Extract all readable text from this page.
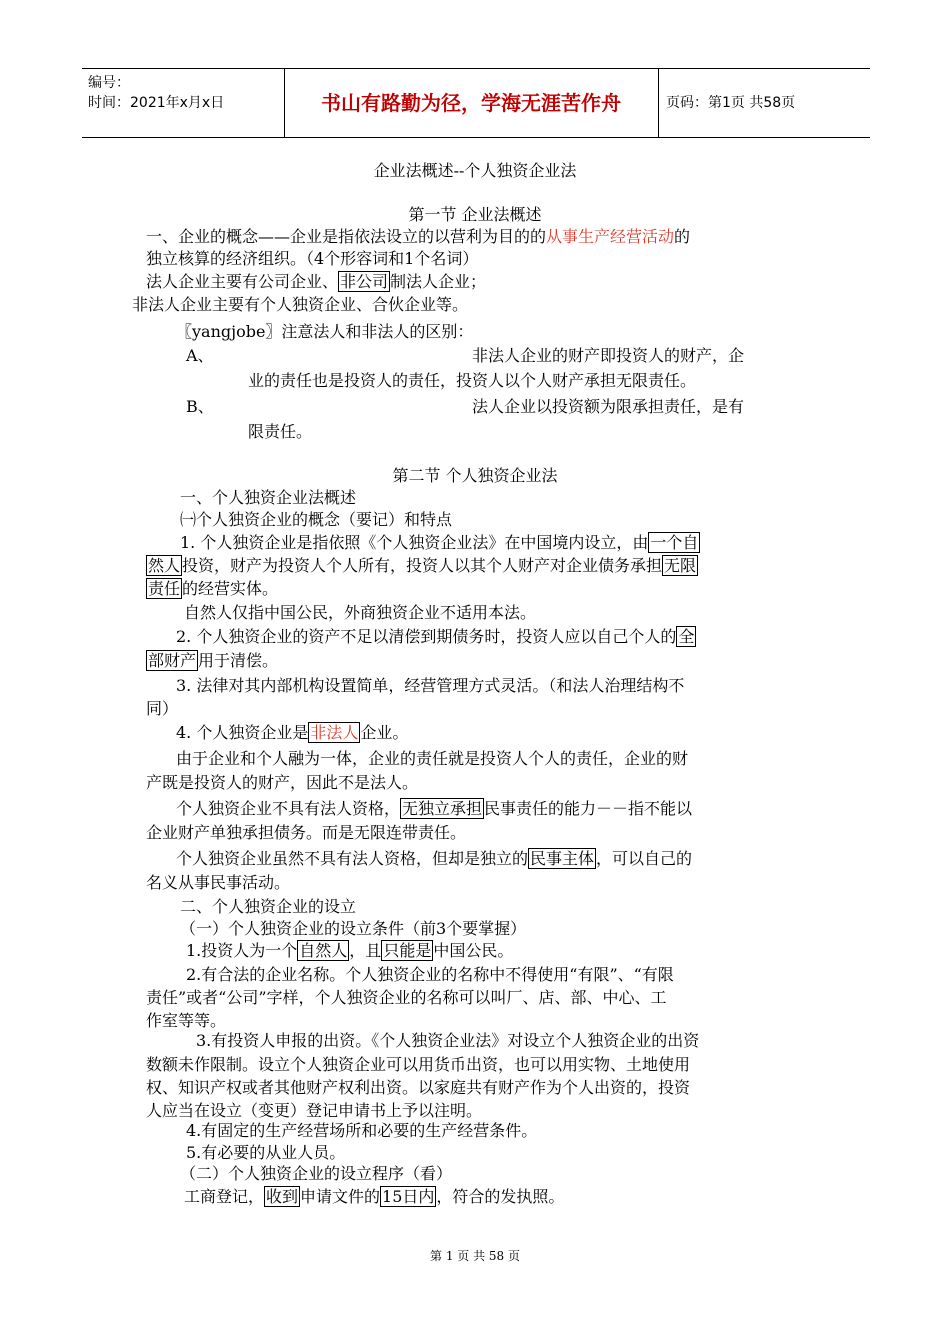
编号：
时间：2021年x月x日	书山有路勤为径，学海无涯苦作舟	页码：第1页 共58页
企业法概述--个人独资企业法
第一节 企业法概述
一、企业的概念——企业是指依法设立的以营利为目的的从事生产经营活动的
独立核算的经济组织。（4个形容词和1个名词）
法人企业主要有公司企业、 非公司 制法人企业；
非法人企业主要有个人独资企业、合伙企业等。
〖yangjobe〗注意法人和非法人的区别：
A、	非法人企业的财产即投资人的财产，企
业的责任也是投资人的责任，投资人以个人财产承担无限责任。
B、	法人企业以投资额为限承担责任，是有
限责任。
第二节 个人独资企业法
一、个人独资企业法概述
㈠个人独资企业的概念（要记）和特点
1. 个人独资企业是指依照《个人独资企业法》在中国境内设立，由 一个自
然人 投资，财产为投资人个人所有，投资人以其个人财产对企业债务承担 无限
责任 的经营实体。
自然人仅指中国公民，外商独资企业不适用本法。
2. 个人独资企业的资产不足以清偿到期债务时，投资人应以自己个人的 全
部财产 用于清偿。
3. 法律对其内部机构设置简单，经营管理方式灵活。（和法人治理结构不
同）
4. 个人独资企业是 非法人 企业。
由于企业和个人融为一体，企业的责任就是投资人个人的责任，企业的财
产既是投资人的财产，因此不是法人。
个人独资企业不具有法人资格， 无独立承担 民事责任的能力－－指不能以
企业财产单独承担债务。而是无限连带责任。
个人独资企业虽然不具有法人资格，但却是独立的 民事主体 ，可以自己的
名义从事民事活动。
二、个人独资企业的设立
（一）个人独资企业的设立条件（前3个要掌握）
1.投资人为一个 自然人 ，且 只能是 中国公民。
2.有合法的企业名称。个人独资企业的名称中不得使用“有限”、“有限
责任”或者“公司”字样，个人独资企业的名称可以叫厂、店、部、中心、工
作室等等。
3.有投资人申报的出资。《个人独资企业法》对设立个人独资企业的出资
数额未作限制。设立个人独资企业可以用货币出资，也可以用实物、土地使用
权、知识产权或者其他财产权利出资。以家庭共有财产作为个人出资的，投资
人应当在设立（变更）登记申请书上予以注明。
4.有固定的生产经营场所和必要的生产经营条件。
5.有必要的从业人员。
（二）个人独资企业的设立程序（看）
工商登记， 收到 申请文件的 15日内 ，符合的发执照。
第 1 页 共 58 页
